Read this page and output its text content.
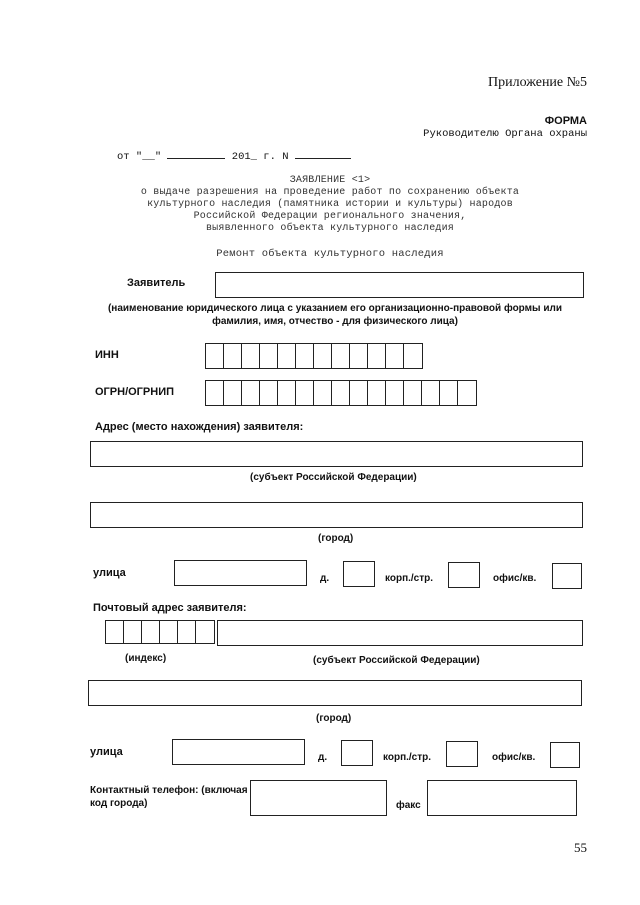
Приложение №5
ФОРМА
Руководителю Органа охраны
от "__"	201_ г. N
ЗАЯВЛЕНИЕ <1>
о выдаче разрешения на проведение работ по сохранению объекта
культурного наследия (памятника истории и культуры) народов
Российской Федерации регионального значения,
выявленного объекта культурного наследия
Ремонт объекта культурного наследия
Заявитель
(наименование юридического лица с указанием его организационно-правовой формы или
фамилия, имя, отчество - для физического лица)
ИНН
ОГРН/ОГРНИП
Адрес (место нахождения) заявителя:
(субъект Российской Федерации)
(город)
улица	д.	корп./стр.	офис/кв.
Почтовый адрес заявителя:
(индекс)	(субъект Российской Федерации)
(город)
улица	д.	корп./стр.	офис/кв.
Контактный телефон: (включая
код города)	факс
55
